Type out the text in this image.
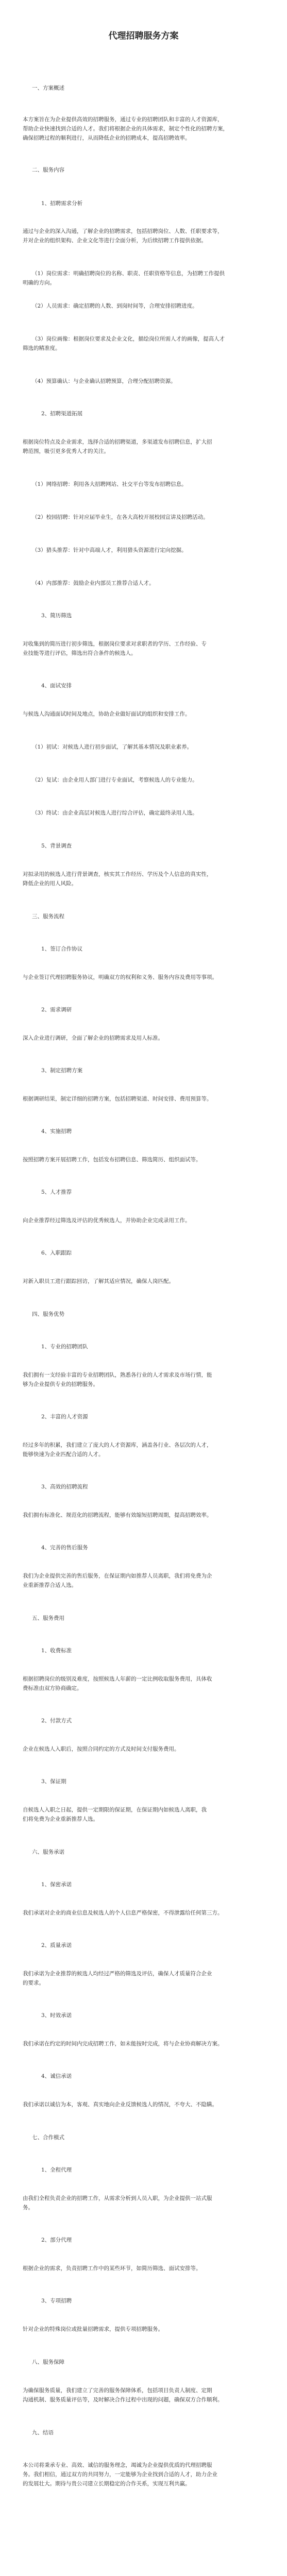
代理招聘服务方案
一、方案概述
本方案旨在为企业提供高效的招聘服务，通过专业的招聘团队和丰富的人才资源库，
帮助企业快速找到合适的人才。我们将根据企业的具体需求，制定个性化的招聘方案，
确保招聘过程的顺利进行，从而降低企业的招聘成本，提高招聘效率。
二、服务内容
1、招聘需求分析
通过与企业的深入沟通，了解企业的招聘需求，包括招聘岗位、人数、任职要求等，
并对企业的组织架构、企业文化等进行全面分析，为后续招聘工作提供依据。
（1）岗位需求：明确招聘岗位的名称、职责、任职资格等信息，为招聘工作提供
明确的方向。
（2）人员需求：确定招聘的人数、到岗时间等，合理安排招聘进度。
（3）岗位画像：根据岗位要求及企业文化，描绘岗位所需人才的画像，提高人才
筛选的精准度。
（4）预算确认：与企业确认招聘预算，合理分配招聘资源。
2、招聘渠道拓展
根据岗位特点及企业需求，选择合适的招聘渠道，多渠道发布招聘信息，扩大招
聘范围，吸引更多优秀人才的关注。
（1）网络招聘：利用各大招聘网站、社交平台等发布招聘信息。
（2）校园招聘：针对应届毕业生，在各大高校开展校园宣讲及招聘活动。
（3）猎头推荐：针对中高端人才，利用猎头资源进行定向挖掘。
（4）内部推荐：鼓励企业内部员工推荐合适人才。
3、简历筛选
对收集到的简历进行初步筛选，根据岗位要求对求职者的学历、工作经验、专
业技能等进行评估，筛选出符合条件的候选人。
4、面试安排
与候选人沟通面试时间及地点，协助企业做好面试的组织和安排工作。
（1）初试：对候选人进行初步面试，了解其基本情况及职业素养。
（2）复试：由企业用人部门进行专业面试，考察候选人的专业能力。
（3）终试：由企业高层对候选人进行综合评估，确定最终录用人选。
5、背景调查
对拟录用的候选人进行背景调查，核实其工作经历、学历及个人信息的真实性，
降低企业的用人风险。
三、服务流程
1、签订合作协议
与企业签订代理招聘服务协议，明确双方的权利和义务、服务内容及费用等事项。
2、需求调研
深入企业进行调研，全面了解企业的招聘需求及用人标准。
3、制定招聘方案
根据调研结果，制定详细的招聘方案，包括招聘渠道、时间安排、费用预算等。
4、实施招聘
按照招聘方案开展招聘工作，包括发布招聘信息、筛选简历、组织面试等。
5、人才推荐
向企业推荐经过筛选及评估的优秀候选人，并协助企业完成录用工作。
6、入职跟踪
对新入职员工进行跟踪回访，了解其适应情况，确保人岗匹配。
四、服务优势
1、专业的招聘团队
我们拥有一支经验丰富的专业招聘团队，熟悉各行业的人才需求及市场行情，能
够为企业提供专业的招聘服务。
2、丰富的人才资源
经过多年的积累，我们建立了庞大的人才资源库，涵盖各行业、各层次的人才，
能够快速为企业匹配合适的人才。
3、高效的招聘流程
我们拥有标准化、规范化的招聘流程，能够有效缩短招聘周期，提高招聘效率。
4、完善的售后服务
我们为企业提供完善的售后服务，在保证期内如推荐人员离职，我们将免费为企
业重新推荐合适人选。
五、服务费用
1、收费标准
根据招聘岗位的级别及难度，按照候选人年薪的一定比例收取服务费用，具体收
费标准由双方协商确定。
2、付款方式
企业在候选人入职后，按照合同约定的方式及时间支付服务费用。
3、保证期
自候选人入职之日起，提供一定期限的保证期，在保证期内如候选人离职，我
们将免费为企业重新推荐人选。
六、服务承诺
1、保密承诺
我们承诺对企业的商业信息及候选人的个人信息严格保密，不得泄露给任何第三方。
2、质量承诺
我们承诺为企业推荐的候选人均经过严格的筛选及评估，确保人才质量符合企业
的要求。
3、时效承诺
我们承诺在约定的时间内完成招聘工作，如未能按时完成，将与企业协商解决方案。
4、诚信承诺
我们承诺以诚信为本，客观、真实地向企业反馈候选人的情况，不夸大、不隐瞒。
七、合作模式
1、全程代理
由我们全程负责企业的招聘工作，从需求分析到人员入职，为企业提供一站式服
务。
2、部分代理
根据企业的需求，负责招聘工作中的某些环节，如简历筛选、面试安排等。
3、专项招聘
针对企业的特殊岗位或批量招聘需求，提供专项招聘服务。
八、服务保障
为确保服务质量，我们建立了完善的服务保障体系，包括项目负责人制度、定期
沟通机制、服务质量评估等，及时解决合作过程中出现的问题，确保双方合作顺利。
九、结语
本公司将秉承专业、高效、诚信的服务理念，竭诚为企业提供优质的代理招聘服
务。我们相信，通过双方的共同努力，一定能够为企业找到合适的人才，助力企业
的发展壮大。期待与贵公司建立长期稳定的合作关系，实现互利共赢。
